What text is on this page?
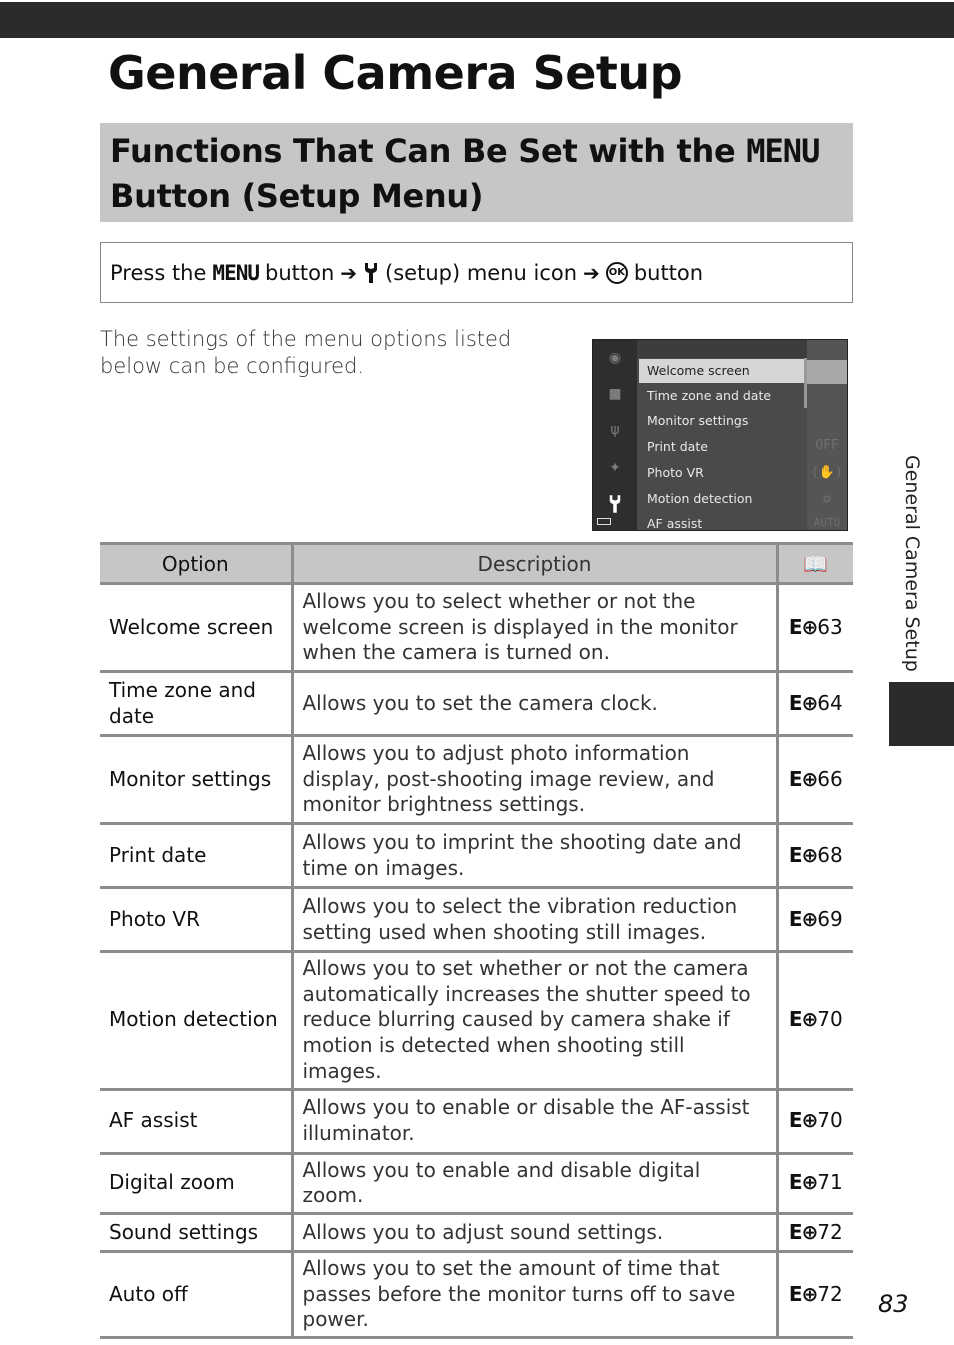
General Camera Setup
Functions That Can Be Set with the MENU
Button (Setup Menu)
Press the MENU button ➔ (setup) menu icon ➔ OK button

The settings of the menu options listed below can be configured.	◉
■
ψ
✦
Welcome screen
Time zone and date
Monitor settings
Print date
Photo VR
Motion detection
AF assist
OFF
(✋)
⚙
AUTO
Option	Description	📖
Welcome screen	Allows you to select whether or not the welcome screen is displayed in the monitor when the camera is turned on.	E⊕63
Time zone and date	Allows you to set the camera clock.	E⊕64
Monitor settings	Allows you to adjust photo information display, post-shooting image review, and monitor brightness settings.	E⊕66
Print date	Allows you to imprint the shooting date and time on images.	E⊕68
Photo VR	Allows you to select the vibration reduction setting used when shooting still images.	E⊕69
Motion detection	Allows you to set whether or not the camera automatically increases the shutter speed to reduce blurring caused by camera shake if motion is detected when shooting still images.	E⊕70
AF assist	Allows you to enable or disable the AF-assist illuminator.	E⊕70
Digital zoom	Allows you to enable and disable digital zoom.	E⊕71
Sound settings	Allows you to adjust sound settings.	E⊕72
Auto off	Allows you to set the amount of time that passes before the monitor turns off to save power.	E⊕72
General Camera Setup
83
